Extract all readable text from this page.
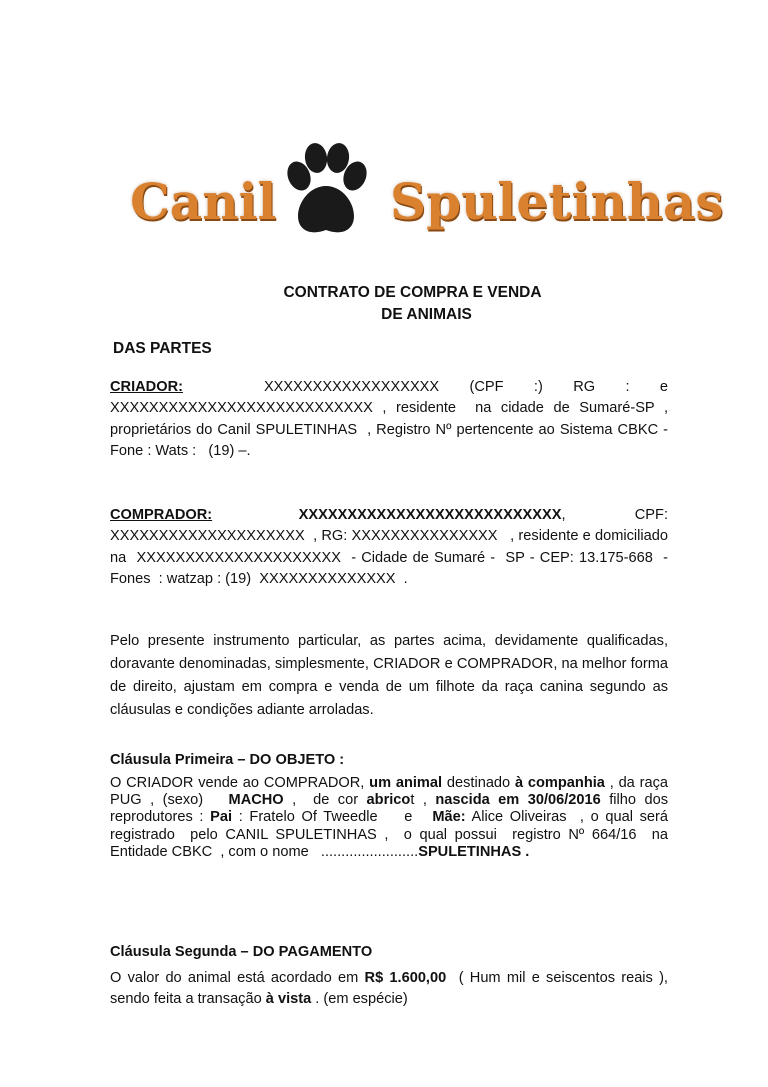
Canil Spuletinhas
CONTRATO DE COMPRA E VENDA
DE ANIMAIS
DAS PARTES
CRIADOR:        XXXXXXXXXXXXXXXXXX   (CPF   :)   RG   :   e XXXXXXXXXXXXXXXXXXXXXXXXXXX , residente  na cidade de Sumaré-SP , proprietários do Canil SPULETINHAS  , Registro Nº pertencente ao Sistema CBKC - Fone : Wats :   (19) –.
COMPRADOR:	XXXXXXXXXXXXXXXXXXXXXXXXXXX,        CPF: XXXXXXXXXXXXXXXXXXXX  , RG: XXXXXXXXXXXXXXX   , residente e domiciliado na  XXXXXXXXXXXXXXXXXXXXX  - Cidade de Sumaré -  SP - CEP: 13.175-668  -  Fones  : watzap : (19)  XXXXXXXXXXXXXX  .
Pelo presente instrumento particular, as partes acima, devidamente qualificadas, doravante denominadas, simplesmente, CRIADOR e COMPRADOR, na melhor forma de direito, ajustam em compra e venda de um filhote da raça canina segundo as cláusulas e condições adiante arroladas.
Cláusula Primeira – DO OBJETO :
O CRIADOR vende ao COMPRADOR, um animal destinado à companhia , da raça  PUG , (sexo)   MACHO ,  de cor abricot , nascida em 30/06/2016 filho dos reprodutores : Pai : Fratelo Of Tweedle    e   Mãe: Alice Oliveiras  , o qual será registrado  pelo CANIL SPULETINHAS ,  o qual possui  registro Nº 664/16  na Entidade CBKC  , com o nome   ........................SPULETINHAS .
Cláusula Segunda – DO PAGAMENTO
O valor do animal está acordado em R$ 1.600,00  ( Hum mil e seiscentos reais ), sendo feita a transação à vista . (em espécie)
